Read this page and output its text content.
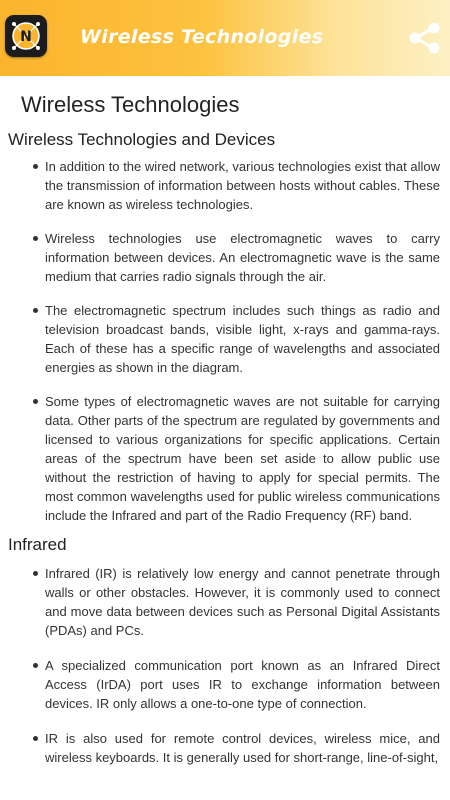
N	Wireless Technologies
Wireless Technologies
Wireless Technologies and Devices
In addition to the wired network, various technologies exist that allow the transmission of information between hosts without cables. These are known as wireless technologies.
Wireless technologies use electromagnetic waves to carry information between devices. An electromagnetic wave is the same medium that carries radio signals through the air.
The electromagnetic spectrum includes such things as radio and television broadcast bands, visible light, x-rays and gamma-rays. Each of these has a specific range of wavelengths and associated energies as shown in the diagram.
Some types of electromagnetic waves are not suitable for carrying data. Other parts of the spectrum are regulated by governments and licensed to various organizations for specific applications. Certain areas of the spectrum have been set aside to allow public use without the restriction of having to apply for special permits. The most common wavelengths used for public wireless communications include the Infrared and part of the Radio Frequency (RF) band.
Infrared
Infrared (IR) is relatively low energy and cannot penetrate through walls or other obstacles. However, it is commonly used to connect and move data between devices such as Personal Digital Assistants (PDAs) and PCs.
A specialized communication port known as an Infrared Direct Access (IrDA) port uses IR to exchange information between devices. IR only allows a one-to-one type of connection.
IR is also used for remote control devices, wireless mice, and wireless keyboards. It is generally used for short-range, line-of-sight,
